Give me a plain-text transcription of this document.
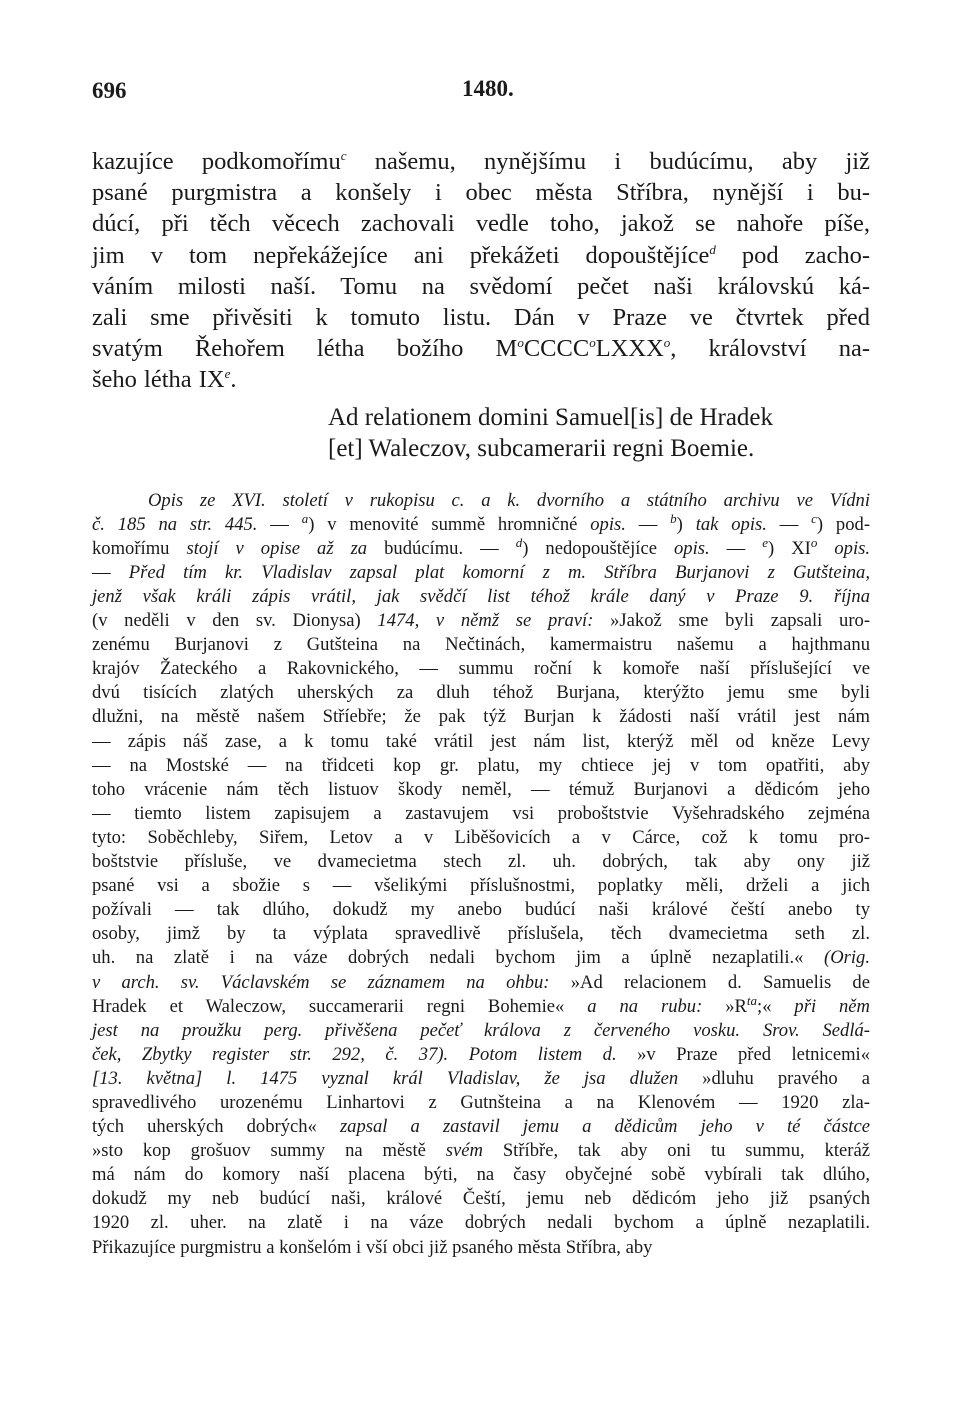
696	1480.
kazujíce podkomořímu$^c$ našemu, nynějšímu i budúcímu, aby již
psané purgmistra a konšely i obec města Stříbra, nynější i bu-
dúcí, při těch věcech zachovali vedle toho, jakož se nahoře píše,
jim v tom nepřekážejíce ani překážeti dopouštějíce$^d$ pod zacho-
váním milosti naší. Tomu na svědomí pečet naši královskú ká-
zali sme přivěsiti k tomuto listu. Dán v Praze ve čtvrtek před
svatým Řehořem létha božího $M^oCCCC^oLXXX^o$, království na-
šeho létha IXe.
Ad relationem domini Samuel[is] de Hradek
[et] Waleczov, subcamerarii regni Boemie.
Opis ze XVI. století v rukopisu c. a k. dvorního a státního archivu ve Vídni
č. 185 na str. 445. — $^a$) v menovité summě hromničné opis. — $^b$) tak opis. — $^c$) pod-
komořímu stojí v opise až za budúcímu. — $^d$) nedopouštějíce opis. — $^e$) $XI^o$ opis.
— Před tím kr. Vladislav zapsal plat komorní z m. Stříbra Burjanovi z Gutšteina,
jenž však králi zápis vrátil, jak svědčí list téhož krále daný v Praze 9. října
(v neděli v den sv. Dionysa) 1474, v němž se praví: »Jakož sme byli zapsali uro-
zenému Burjanovi z Gutšteina na Nečtinách, kamermaistru našemu a hajthmanu
krajóv Žateckého a Rakovnického, — summu roční k komoře naší příslušející ve
dvú tisících zlatých uherských za dluh téhož Burjana, kterýžto jemu sme byli
dlužni, na městě našem Stříebře; že pak týž Burjan k žádosti naší vrátil jest nám
— zápis náš zase, a k tomu také vrátil jest nám list, kterýž měl od kněze Levy
— na Mostské — na třidceti kop gr. platu, my chtiece jej v tom opatřiti, aby
toho vrácenie nám těch listuov škody neměl, — témuž Burjanovi a dědicóm jeho
— tiemto listem zapisujem a zastavujem vsi proboštstvie Vyšehradského zejména
tyto: Soběchleby, Siřem, Letov a v Liběšovicích a v Cárce, což k tomu pro-
boštstvie přísluše, ve dvamecietma stech zl. uh. dobrých, tak aby ony již
psané vsi a sbožie s — všelikými příslušnostmi, poplatky měli, drželi a jich
požívali — tak dlúho, dokudž my anebo budúcí naši králové čeští anebo ty
osoby, jimž by ta výplata spravedlivě příslušela, těch dvamecietma seth zl.
uh. na zlatě i na váze dobrých nedali bychom jim a úplně nezaplatili.« (Orig.
v arch. sv. Václavském se záznamem na ohbu: »Ad relacionem d. Samuelis de
Hradek et Waleczow, succamerarii regni Bohemie« a na rubu: $»R^{ta};«$ při něm
jest na proužku perg. přivěšena pečeť králova z červeného vosku. Srov. Sedlá-
ček, Zbytky register str. 292, č. 37). Potom listem d. »v Praze před letnicemi«
[13. května] l. 1475 vyznal král Vladislav, že jsa dlužen »dluhu pravého a
spravedlivého urozenému Linhartovi z Gutnšteina a na Klenovém — 1920 zla-
tých uherských dobrých« zapsal a zastavil jemu a dědicům jeho v té částce
»sto kop grošuov summy na městě svém Stříbře, tak aby oni tu summu, kteráž
má nám do komory naší placena býti, na časy obyčejné sobě vybírali tak dlúho,
dokudž my neb budúcí naši, králové Čeští, jemu neb dědicóm jeho již psaných
1920 zl. uher. na zlatě i na váze dobrých nedali bychom a úplně nezaplatili.
Přikazujíce purgmistru a konšelóm i vší obci již psaného města Stříbra, aby
